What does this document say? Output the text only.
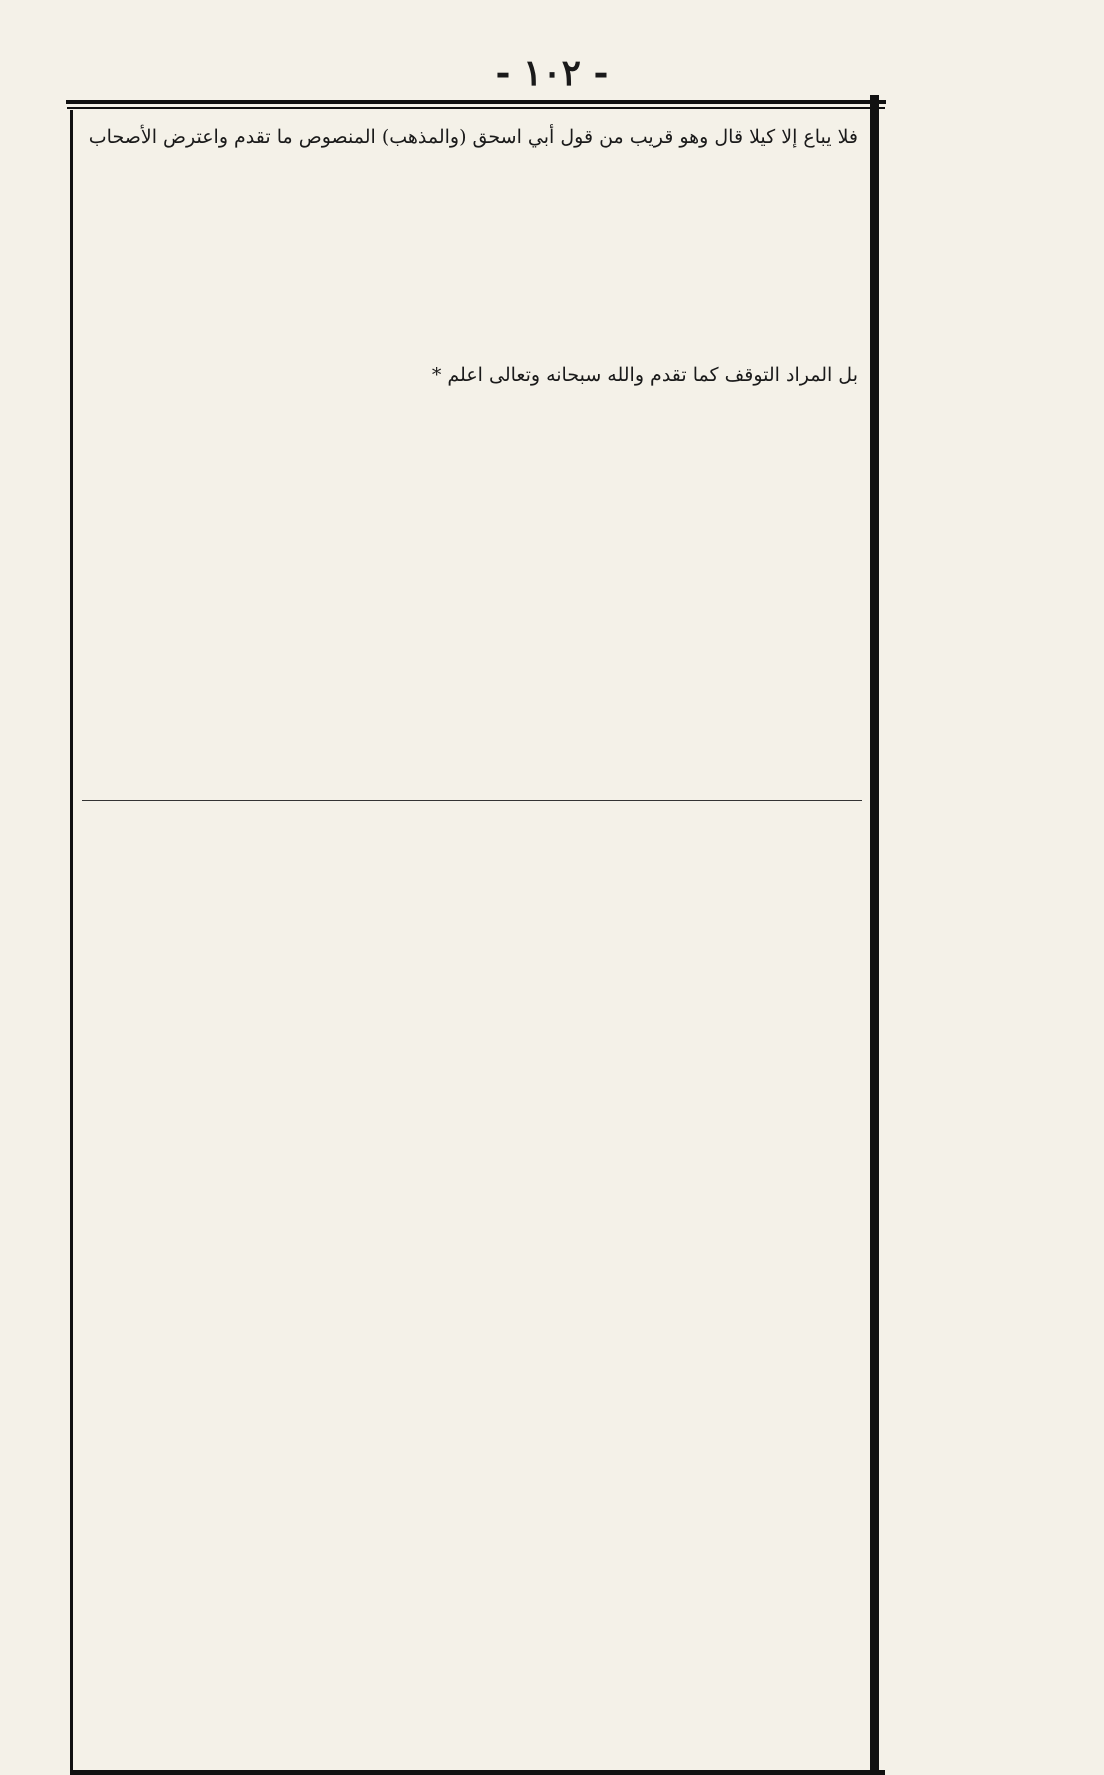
- ١٠٢ -
فلا يباع إلا كيلا قال وهو قريب من قول أبي اسحق (والمذهب) المنصوص ما تقدم واعترض الأصحاب
بل المراد التوقف كما تقدم والله سبحانه وتعالى اعلم *
